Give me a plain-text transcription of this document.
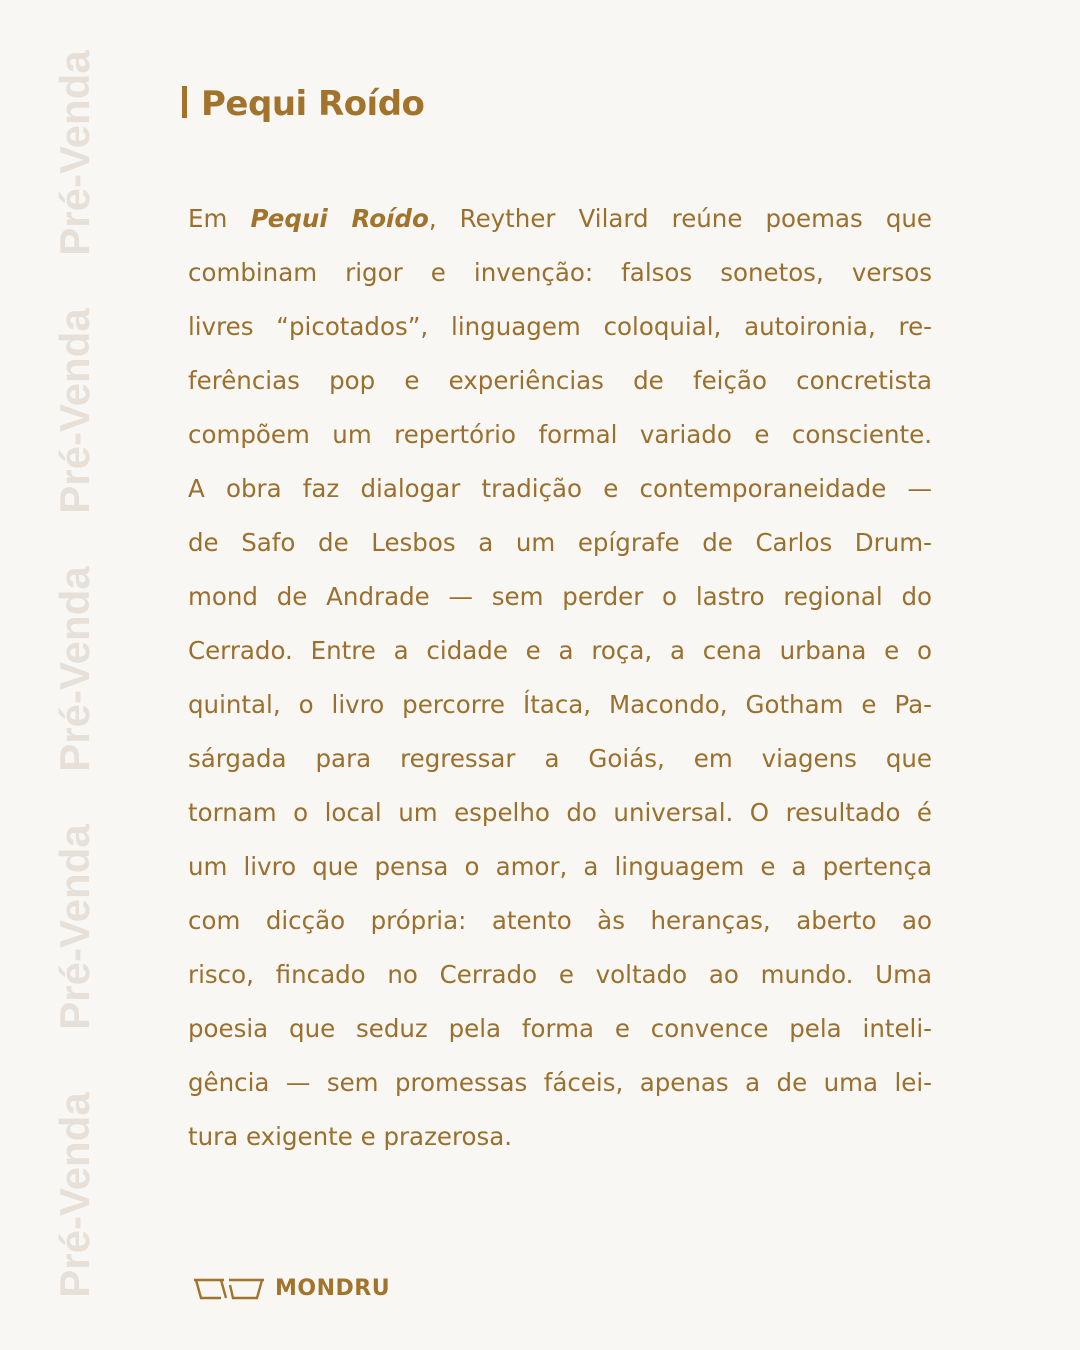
Pré-Venda
Pré-Venda
Pré-Venda
Pré-Venda
Pré-Venda
Pequi Roído
Em Pequi Roído, Reyther Vilard reúne poemas que
combinam rigor e invenção: falsos sonetos, versos
livres “picotados”, linguagem coloquial, autoironia, re-
ferências pop e experiências de feição concretista
compõem um repertório formal variado e consciente.
A obra faz dialogar tradição e contemporaneidade —
de Safo de Lesbos a um epígrafe de Carlos Drum-
mond de Andrade — sem perder o lastro regional do
Cerrado. Entre a cidade e a roça, a cena urbana e o
quintal, o livro percorre Ítaca, Macondo, Gotham e Pa-
sárgada para regressar a Goiás, em viagens que
tornam o local um espelho do universal. O resultado é
um livro que pensa o amor, a linguagem e a pertença
com dicção própria: atento às heranças, aberto ao
risco, fincado no Cerrado e voltado ao mundo. Uma
poesia que seduz pela forma e convence pela inteli-
gência — sem promessas fáceis, apenas a de uma lei-
tura exigente e prazerosa.
MONDRU
